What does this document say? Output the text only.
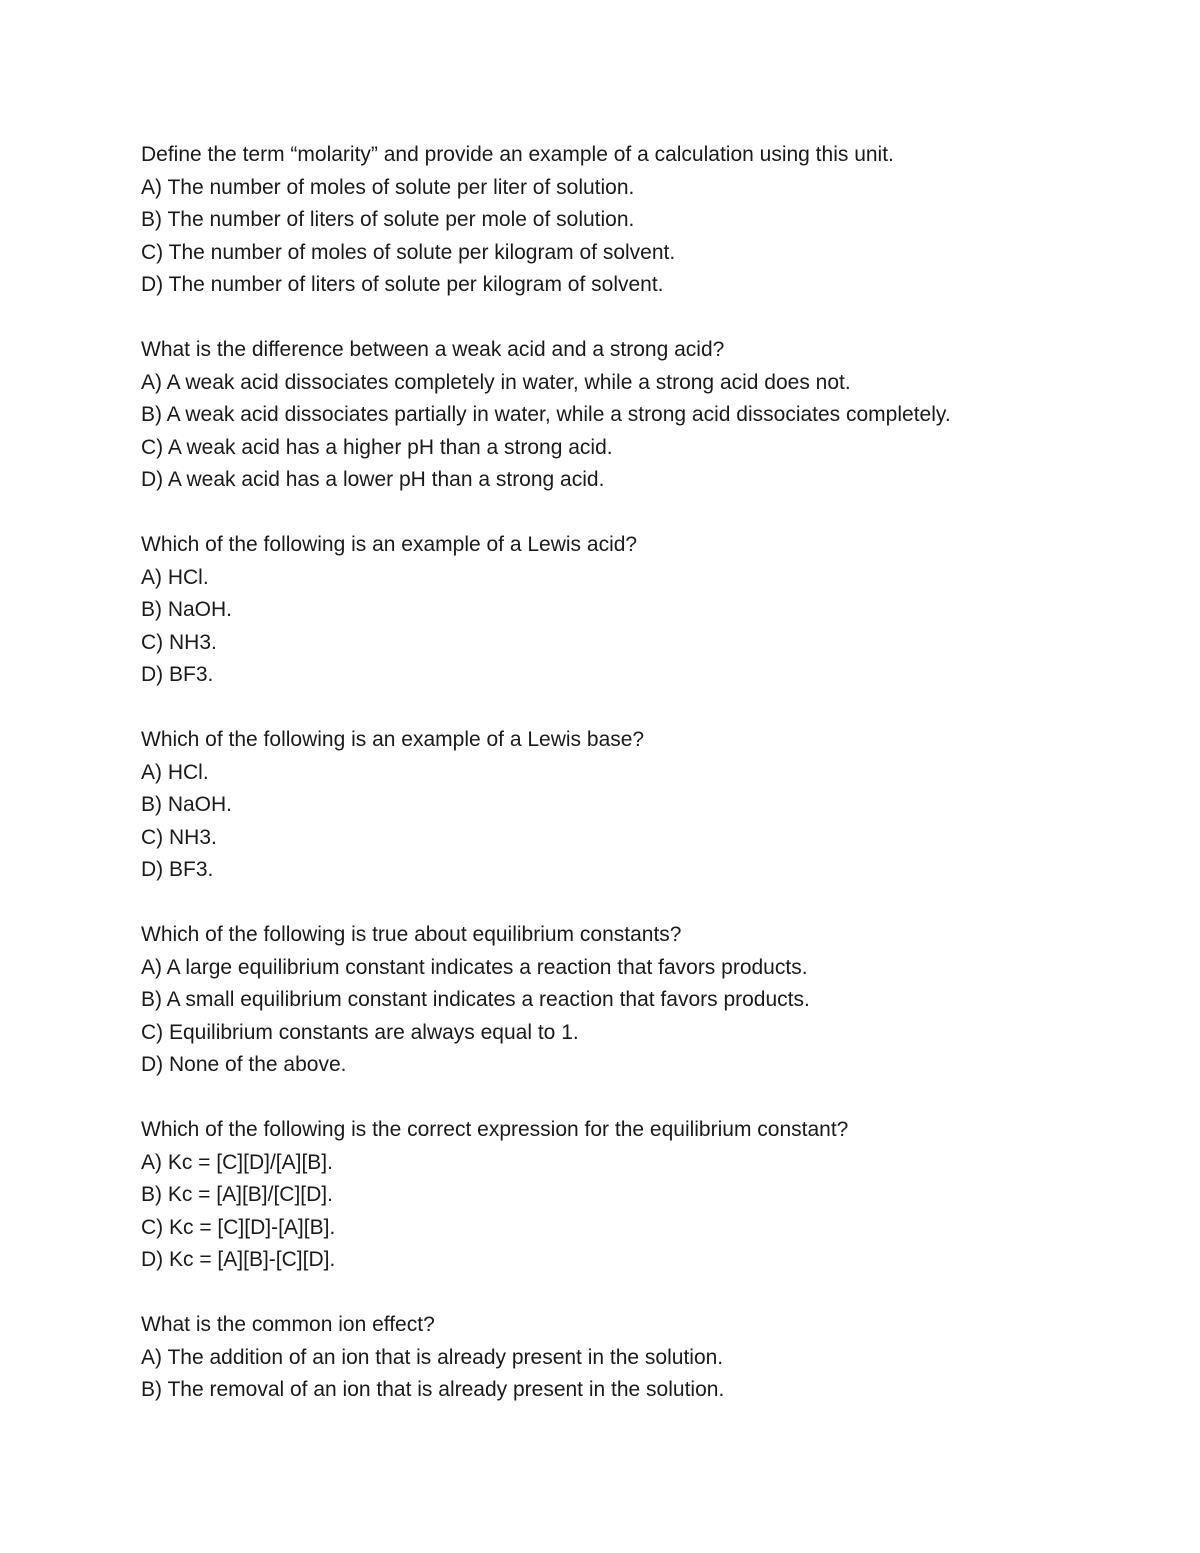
Define the term “molarity” and provide an example of a calculation using this unit.
A) The number of moles of solute per liter of solution.
B) The number of liters of solute per mole of solution.
C) The number of moles of solute per kilogram of solvent.
D) The number of liters of solute per kilogram of solvent.
What is the difference between a weak acid and a strong acid?
A) A weak acid dissociates completely in water, while a strong acid does not.
B) A weak acid dissociates partially in water, while a strong acid dissociates completely.
C) A weak acid has a higher pH than a strong acid.
D) A weak acid has a lower pH than a strong acid.
Which of the following is an example of a Lewis acid?
A) HCl.
B) NaOH.
C) NH3.
D) BF3.
Which of the following is an example of a Lewis base?
A) HCl.
B) NaOH.
C) NH3.
D) BF3.
Which of the following is true about equilibrium constants?
A) A large equilibrium constant indicates a reaction that favors products.
B) A small equilibrium constant indicates a reaction that favors products.
C) Equilibrium constants are always equal to 1.
D) None of the above.
Which of the following is the correct expression for the equilibrium constant?
A) Kc = [C][D]/[A][B].
B) Kc = [A][B]/[C][D].
C) Kc = [C][D]-[A][B].
D) Kc = [A][B]-[C][D].
What is the common ion effect?
A) The addition of an ion that is already present in the solution.
B) The removal of an ion that is already present in the solution.
